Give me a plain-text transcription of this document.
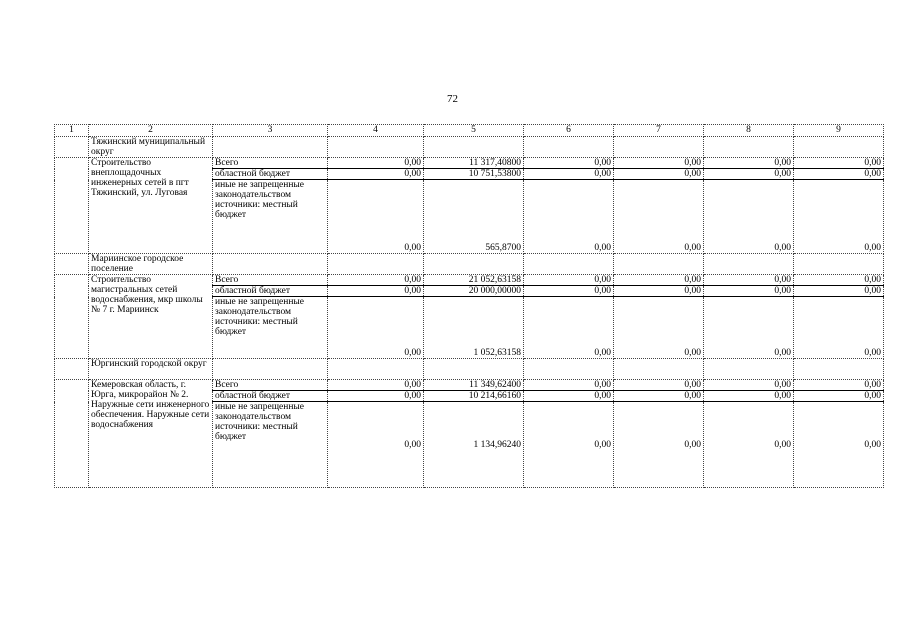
72
1	2	3	4	5	6	7	8	9
	Тяжинский муниципальный округ							
	Строительство внеплощадочных инженерных сетей в пгт Тяжинский, ул. Луговая	Всего	0,00	11 317,40800	0,00	0,00	0,00	0,00
		областной бюджет	0,00	10 751,53800	0,00	0,00	0,00	0,00
		иные не запрещенные законодательством источники: местный бюджет	0,00	565,8700	0,00	0,00	0,00	0,00
	Мариинское городское поселение							
	Строительство магистральных сетей водоснабжения, мкр школы № 7 г. Мариинск	Всего	0,00	21 052,63158	0,00	0,00	0,00	0,00
		областной бюджет	0,00	20 000,00000	0,00	0,00	0,00	0,00
		иные не запрещенные законодательством источники: местный бюджет	0,00	1 052,63158	0,00	0,00	0,00	0,00
	Юргинский городской округ							
	Кемеровская область, г. Юрга, микрорайон № 2. Наружные сети инженерного обеспечения. Наружные сети водоснабжения	Всего	0,00	11 349,62400	0,00	0,00	0,00	0,00
		областной бюджет	0,00	10 214,66160	0,00	0,00	0,00	0,00
		иные не запрещенные законодательством источники: местный бюджет	0,00	1 134,96240	0,00	0,00	0,00	0,00
